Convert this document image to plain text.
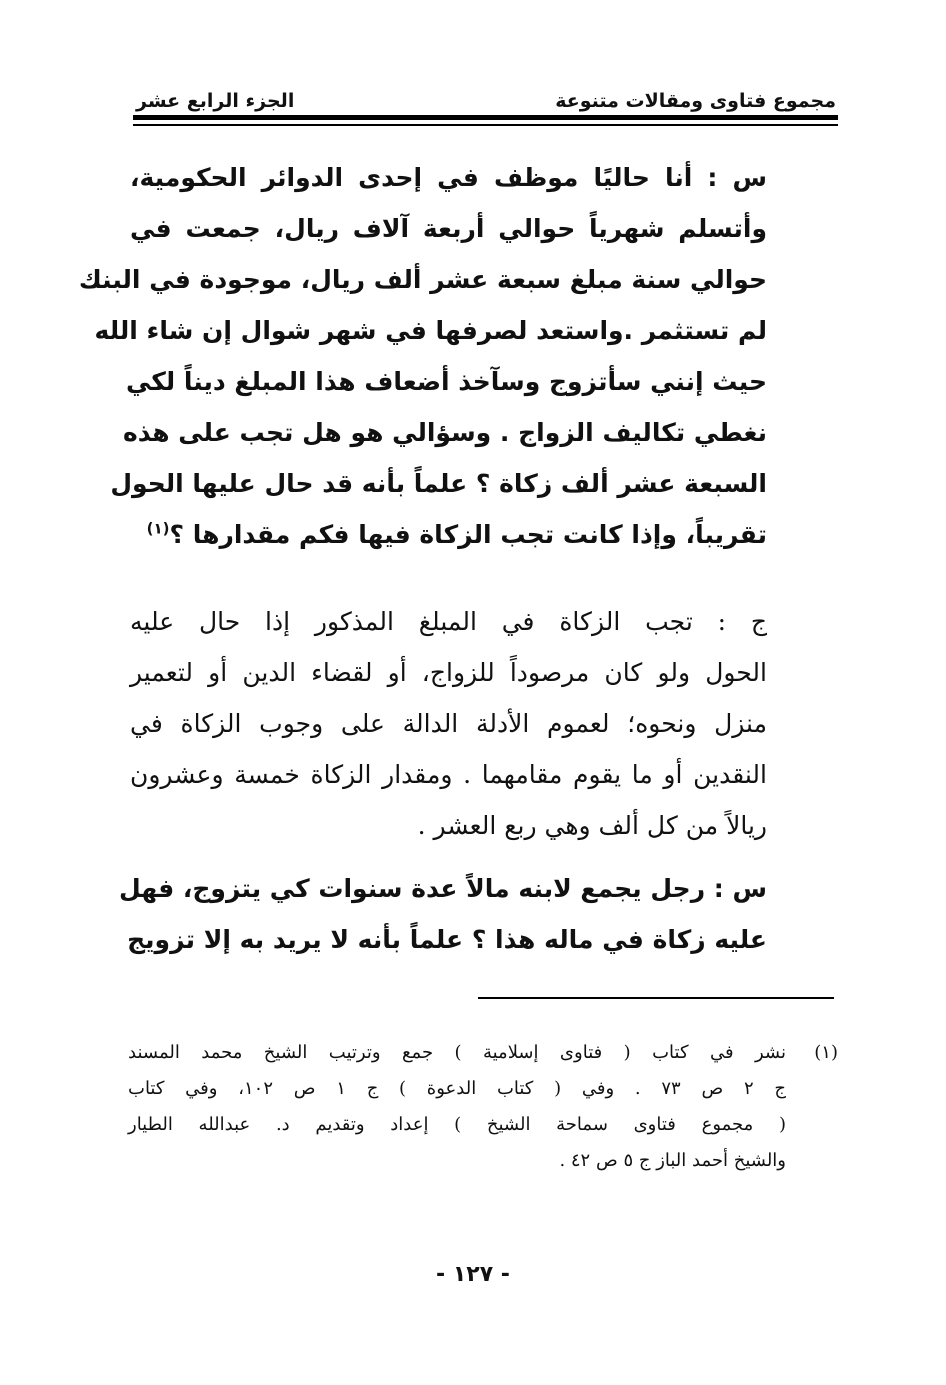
مجموع فتاوى ومقالات متنوعة
الجزء الرابع عشر
س : أنا حاليًا موظف في إحدى الدوائر الحكومية،
وأتسلم شهرياً حوالي أربعة آلاف ريال، جمعت في
حوالي سنة مبلغ سبعة عشر ألف ريال، موجودة في البنك
لم تستثمر .واستعد لصرفها في شهر شوال إن شاء الله
حيث إنني سأتزوج وسآخذ أضعاف هذا المبلغ ديناً لكي
نغطي تكاليف الزواج . وسؤالي هو هل تجب على هذه
السبعة عشر ألف زكاة ؟ علماً بأنه قد حال عليها الحول
تقريباً، وإذا كانت تجب الزكاة فيها فكم مقدارها ؟$^{(١)}$
ج : تجب الزكاة في المبلغ المذكور إذا حال عليه
الحول ولو كان مرصوداً للزواج، أو لقضاء الدين أو لتعمير
منزل ونحوه؛ لعموم الأدلة الدالة على وجوب الزكاة في
النقدين أو ما يقوم مقامهما . ومقدار الزكاة خمسة وعشرون
ريالاً من كل ألف وهي ربع العشر .
س : رجل يجمع لابنه مالاً عدة سنوات كي يتزوج، فهل
عليه زكاة في ماله هذا ؟ علماً بأنه لا يريد به إلا تزويج
(١)
نشر في كتاب ( فتاوى إسلامية ) جمع وترتيب الشيخ محمد المسند
ج ٢ ص ٧٣ . وفي ( كتاب الدعوة ) ج ١ ص ١٠٢، وفي كتاب
( مجموع فتاوى سماحة الشيخ ) إعداد وتقديم د. عبدالله الطيار
والشيخ أحمد الباز ج ٥ ص ٤٢ .
- ١٢٧ -
